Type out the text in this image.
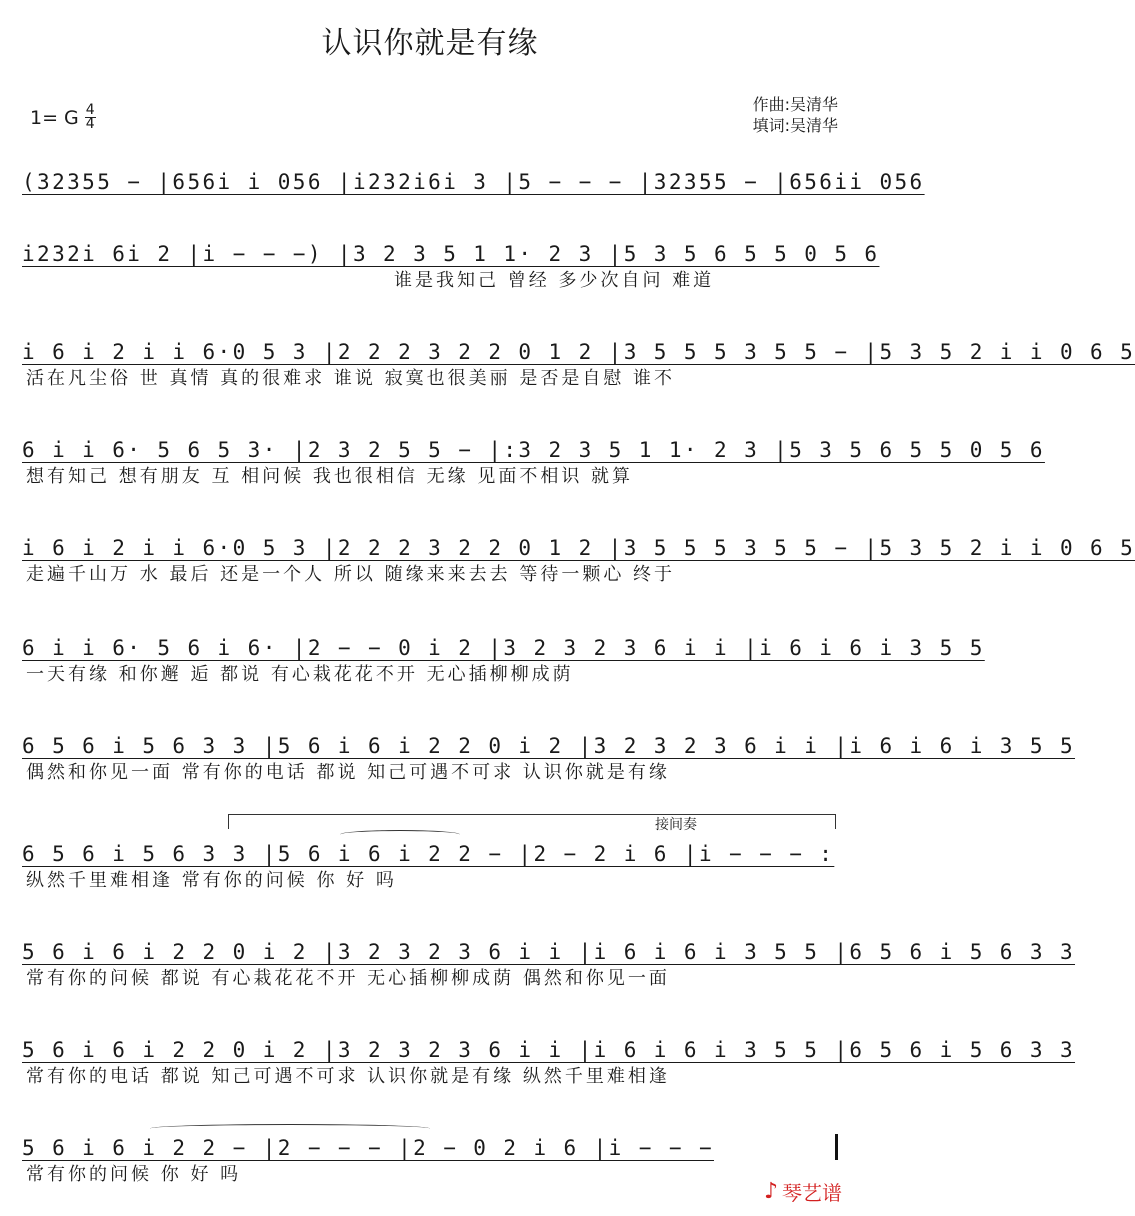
认识你就是有缘
1= G $\frac{4}{4}$	作曲:吴清华
填词:吴清华
(32355 − |656i i 056 |i232i6i 3 |5 − − − |32355 − |656ii 056
i232i 6i 2 |i − − −) |3 2 3 5 1 1· 2 3 |5 3 5 6 5 5 0 5 6
谁是我知己 曾经 多少次自问 难道
i 6 i 2 i i 6·0 5 3 |2 2 2 3 2 2 0 1 2 |3 5 5 5 3 5 5 − |5 3 5 2 i i 0 6 5
活在凡尘俗 世 真情 真的很难求 谁说 寂寞也很美丽 是否是自慰 谁不
6 i i 6· 5 6 5 3· |2 3 2 5 5 − |:3 2 3 5 1 1· 2 3 |5 3 5 6 5 5 0 5 6
想有知己 想有朋友 互 相问候 我也很相信 无缘 见面不相识 就算
i 6 i 2 i i 6·0 5 3 |2 2 2 3 2 2 0 1 2 |3 5 5 5 3 5 5 − |5 3 5 2 i i 0 6 5
走遍千山万 水 最后 还是一个人 所以 随缘来来去去 等待一颗心 终于
6 i i 6· 5 6 i 6· |2 − − 0 i 2 |3 2 3 2 3 6 i i |i 6 i 6 i 3 5 5
一天有缘 和你邂 逅 都说 有心栽花花不开 无心插柳柳成荫
6 5 6 i 5 6 3 3 |5 6 i 6 i 2 2 0 i 2 |3 2 3 2 3 6 i i |i 6 i 6 i 3 5 5
偶然和你见一面 常有你的电话 都说 知己可遇不可求 认识你就是有缘
接间奏
6 5 6 i 5 6 3 3 |5 6 i 6 i 2 2 − |2 − 2 i 6 |i − − − :
纵然千里难相逢 常有你的问候 你 好 吗
5 6 i 6 i 2 2 0 i 2 |3 2 3 2 3 6 i i |i 6 i 6 i 3 5 5 |6 5 6 i 5 6 3 3
常有你的问候 都说 有心栽花花不开 无心插柳柳成荫 偶然和你见一面
5 6 i 6 i 2 2 0 i 2 |3 2 3 2 3 6 i i |i 6 i 6 i 3 5 5 |6 5 6 i 5 6 3 3
常有你的电话 都说 知己可遇不可求 认识你就是有缘 纵然千里难相逢
5 6 i 6 i 2 2 − |2 − − − |2 − 0 2 i 6 |i − − −
常有你的问候 你 好 吗
♪ 琴艺谱
